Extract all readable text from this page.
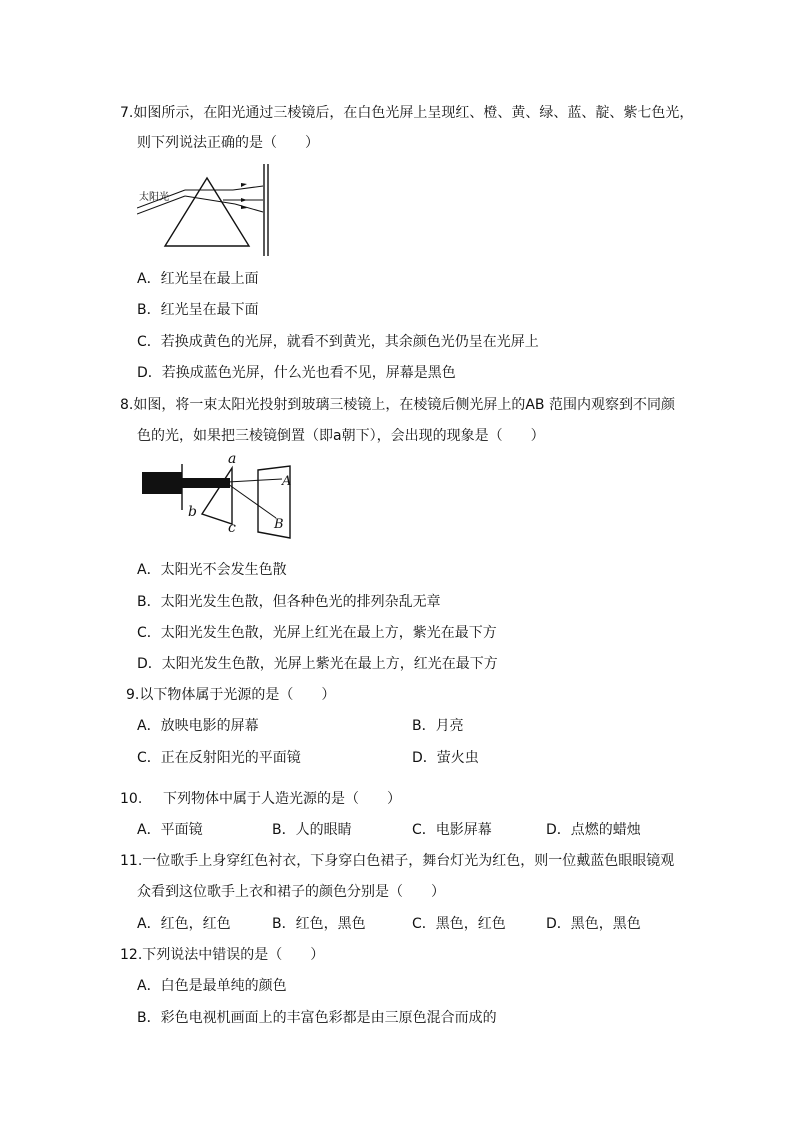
7.如图所示，在阳光通过三棱镜后，在白色光屏上呈现红、橙、黄、绿、蓝、靛、紫七色光，
则下列说法正确的是（　　）
太阳光
A．红光呈在最上面
B．红光呈在最下面
C．若换成黄色的光屏，就看不到黄光，其余颜色光仍呈在光屏上
D．若换成蓝色光屏，什么光也看不见，屏幕是黑色
8.如图，将一束太阳光投射到玻璃三棱镜上，在棱镜后侧光屏上的AB 范围内观察到不同颜
色的光，如果把三棱镜倒置（即a朝下），会出现的现象是（　　）
a
b
c
A
B
A．太阳光不会发生色散
B．太阳光发生色散，但各种色光的排列杂乱无章
C．太阳光发生色散，光屏上红光在最上方，紫光在最下方
D．太阳光发生色散，光屏上紫光在最上方，红光在最下方
9.以下物体属于光源的是（　　）
A．放映电影的屏幕	B．月亮
C．正在反射阳光的平面镜	D．萤火虫
10. 下列物体中属于人造光源的是（　　）
A．平面镜	B．人的眼睛	C．电影屏幕	D．点燃的蜡烛
11.一位歌手上身穿红色衬衣，下身穿白色裙子，舞台灯光为红色，则一位戴蓝色眼眼镜观
众看到这位歌手上衣和裙子的颜色分别是（　　）
A．红色，红色	B．红色，黑色	C．黑色，红色	D．黑色，黑色
12.下列说法中错误的是（　　）
A．白色是最单纯的颜色
B．彩色电视机画面上的丰富色彩都是由三原色混合而成的
